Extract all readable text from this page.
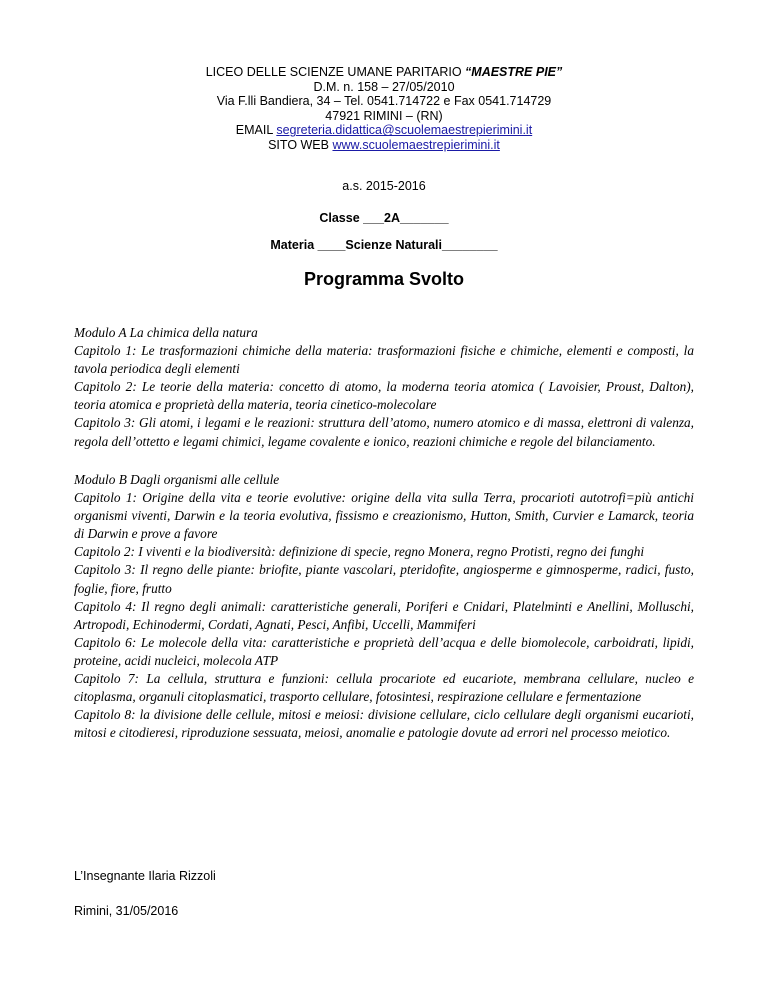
LICEO DELLE SCIENZE UMANE PARITARIO “MAESTRE PIE”
D.M. n. 158 – 27/05/2010
Via F.lli Bandiera, 34 – Tel. 0541.714722 e Fax 0541.714729
47921 RIMINI – (RN)
EMAIL segreteria.didattica@scuolemaestrepierimini.it
SITO WEB www.scuolemaestrepierimini.it
a.s. 2015-2016
Classe ___2A_______
Materia ____Scienze Naturali________
Programma Svolto

Modulo A La chimica della natura

Capitolo 1: Le trasformazioni chimiche della materia: trasformazioni fisiche e chimiche, elementi e composti, la tavola periodica degli elementi

Capitolo 2: Le teorie della materia: concetto di atomo, la moderna teoria atomica ( Lavoisier, Proust, Dalton), teoria atomica e proprietà della materia, teoria cinetico-molecolare

Capitolo 3: Gli atomi, i legami e le reazioni: struttura dell’atomo, numero atomico e di massa, elettroni di valenza, regola dell’ottetto e legami chimici, legame covalente e ionico, reazioni chimiche e regole del bilanciamento.

Modulo B Dagli organismi alle cellule

Capitolo 1: Origine della vita e teorie evolutive: origine della vita sulla Terra, procarioti autotrofi=più antichi organismi viventi, Darwin e la teoria evolutiva, fissismo e creazionismo, Hutton, Smith, Curvier e Lamarck, teoria di Darwin e prove a favore

Capitolo 2: I viventi e la biodiversità: definizione di specie, regno Monera, regno Protisti, regno dei funghi

Capitolo 3: Il regno delle piante: briofite, piante vascolari, pteridofite, angiosperme e gimnosperme, radici, fusto, foglie, fiore, frutto

Capitolo 4: Il regno degli animali: caratteristiche generali, Poriferi e Cnidari, Platelminti e Anellini, Molluschi, Artropodi, Echinodermi, Cordati, Agnati, Pesci, Anfibi, Uccelli, Mammiferi

Capitolo 6: Le molecole della vita: caratteristiche e proprietà dell’acqua e delle biomolecole, carboidrati, lipidi, proteine, acidi nucleici, molecola ATP

Capitolo 7: La cellula, struttura e funzioni: cellula procariote ed eucariote, membrana cellulare, nucleo e citoplasma, organuli citoplasmatici, trasporto cellulare, fotosintesi, respirazione cellulare e fermentazione

Capitolo 8: la divisione delle cellule, mitosi e meiosi: divisione cellulare, ciclo cellulare degli organismi eucarioti, mitosi e citodieresi, riproduzione sessuata, meiosi, anomalie e patologie dovute ad errori nel processo meiotico.

L’Insegnante Ilaria Rizzoli
Rimini, 31/05/2016
